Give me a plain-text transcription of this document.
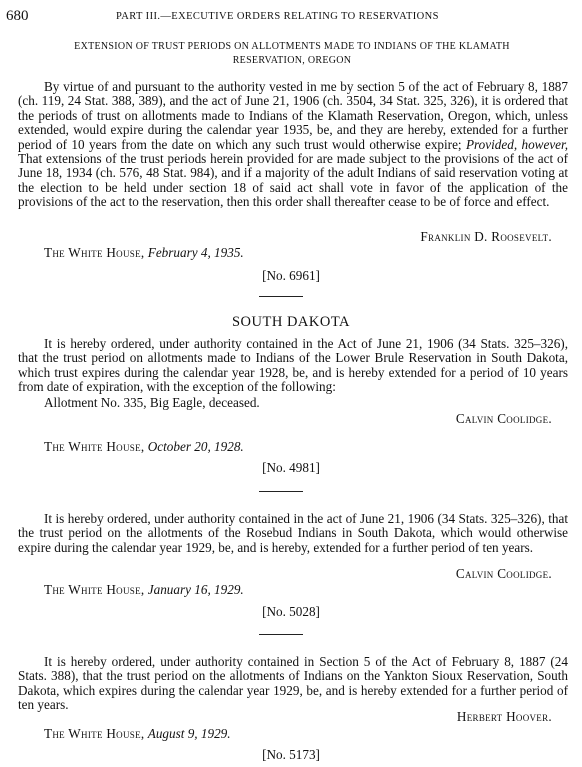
680	PART III.—EXECUTIVE ORDERS RELATING TO RESERVATIONS
EXTENSION OF TRUST PERIODS ON ALLOTMENTS MADE TO INDIANS OF THE KLAMATH
RESERVATION, OREGON

By virtue of and pursuant to the authority vested in me by section 5 of the act of February 8, 1887 (ch. 119, 24 Stat. 388, 389), and the act of June 21, 1906 (ch. 3504, 34 Stat. 325, 326), it is ordered that the periods of trust on allotments made to Indians of the Klamath Reservation, Oregon, which, unless extended, would expire during the calendar year 1935, be, and they are hereby, extended for a further period of 10 years from the date on which any such trust would otherwise expire; Provided, however, That extensions of the trust periods herein provided for are made subject to the provisions of the act of June 18, 1934 (ch. 576, 48 Stat. 984), and if a majority of the adult Indians of said reservation voting at the election to be held under section 18 of said act shall vote in favor of the application of the provisions of the act to the reservation, then this order shall thereafter cease to be of force and effect.

Franklin D. Roosevelt.
The White House, February 4, 1935.
[No. 6961]
SOUTH DAKOTA

It is hereby ordered, under authority contained in the Act of June 21, 1906 (34 Stats. 325–326), that the trust period on allotments made to Indians of the Lower Brule Reservation in South Dakota, which trust expires during the calendar year 1928, be, and is hereby extended for a period of 10 years from date of expiration, with the exception of the following:

Allotment No. 335, Big Eagle, deceased.
Calvin Coolidge.
The White House, October 20, 1928.
[No. 4981]

It is hereby ordered, under authority contained in the act of June 21, 1906 (34 Stats. 325–326), that the trust period on the allotments of the Rosebud Indians in South Dakota, which would otherwise expire during the calendar year 1929, be, and is hereby, extended for a further period of ten years.

Calvin Coolidge.
The White House, January 16, 1929.
[No. 5028]

It is hereby ordered, under authority contained in Section 5 of the Act of February 8, 1887 (24 Stats. 388), that the trust period on the allotments of Indians on the Yankton Sioux Reservation, South Dakota, which expires during the calendar year 1929, be, and is hereby extended for a further period of ten years.

Herbert Hoover.
The White House, August 9, 1929.
[No. 5173]
